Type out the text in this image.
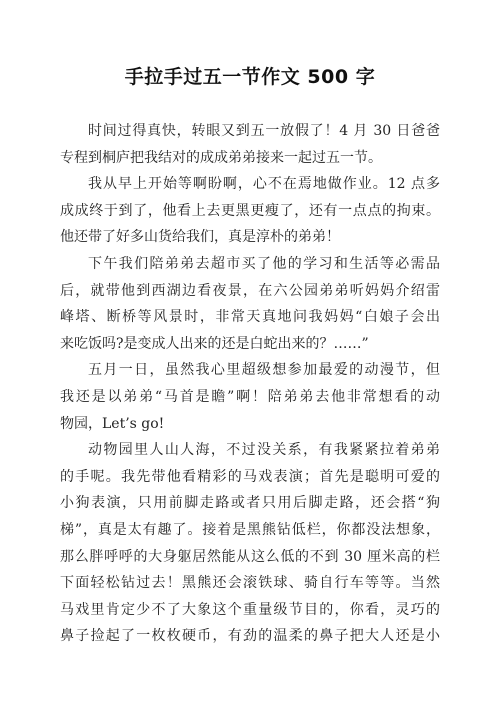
手拉手过五一节作文 500 字
时间过得真快，转眼又到五一放假了！4 月 30 日爸爸
专程到桐庐把我结对的成成弟弟接来一起过五一节。
我从早上开始等啊盼啊，心不在焉地做作业。12 点多
成成终于到了，他看上去更黑更瘦了，还有一点点的拘束。
他还带了好多山货给我们，真是淳朴的弟弟！
下午我们陪弟弟去超市买了他的学习和生活等必需品
后，就带他到西湖边看夜景，在六公园弟弟听妈妈介绍雷
峰塔、断桥等风景时，非常天真地问我妈妈“白娘子会出
来吃饭吗?是变成人出来的还是白蛇出来的？……”
五月一日，虽然我心里超级想参加最爱的动漫节，但
我还是以弟弟“马首是瞻”啊！陪弟弟去他非常想看的动
物园，Let’s go!
动物园里人山人海，不过没关系，有我紧紧拉着弟弟
的手呢。我先带他看精彩的马戏表演；首先是聪明可爱的
小狗表演，只用前脚走路或者只用后脚走路，还会搭“狗
梯”，真是太有趣了。接着是黑熊钻低栏，你都没法想象，
那么胖呼呼的大身躯居然能从这么低的不到 30 厘米高的栏
下面轻松钻过去！黑熊还会滚铁球、骑自行车等等。当然
马戏里肯定少不了大象这个重量级节目的，你看，灵巧的
鼻子捡起了一枚枚硬币，有劲的温柔的鼻子把大人还是小
